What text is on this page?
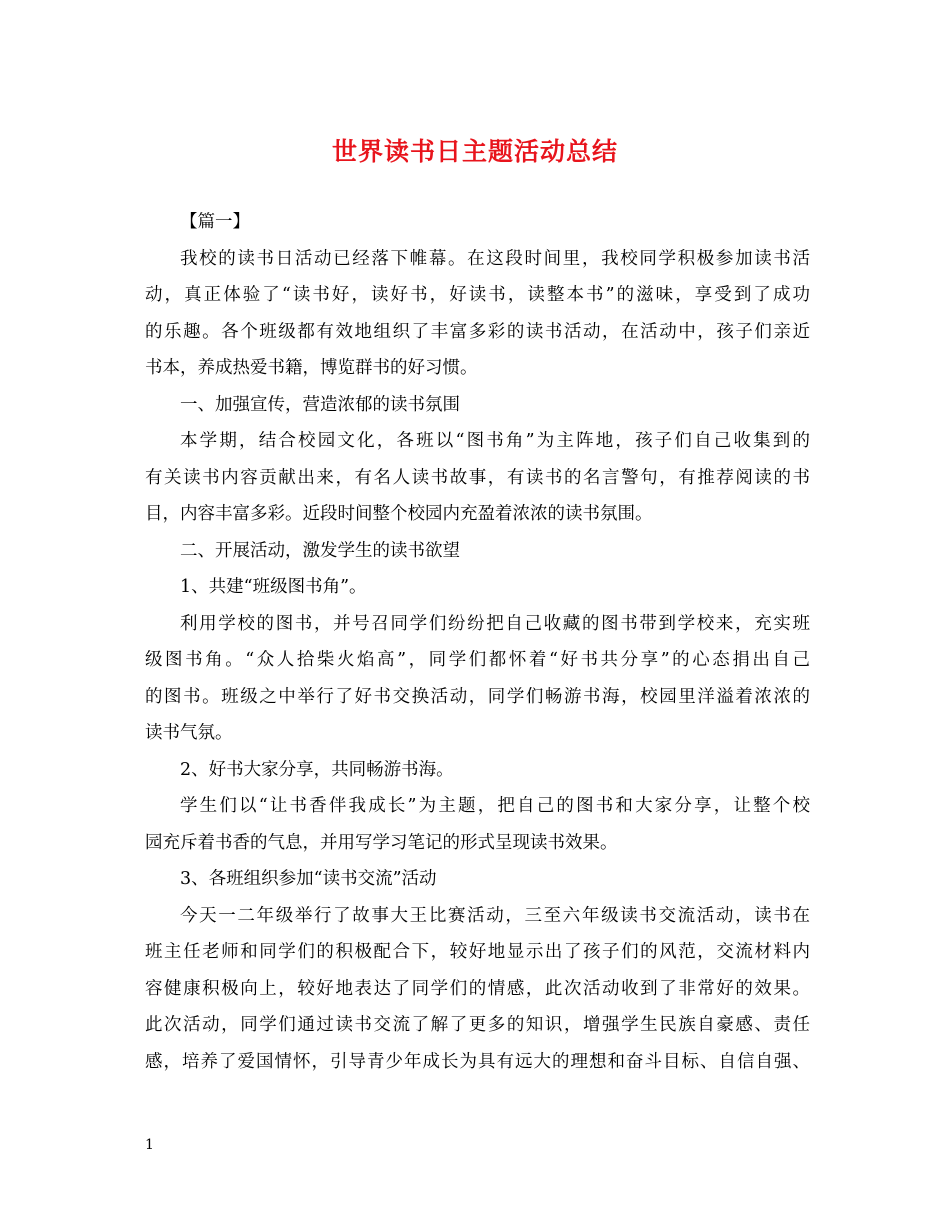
世界读书日主题活动总结
【篇一】
我校的读书日活动已经落下帷幕。在这段时间里，我校同学积极参加读书活
动，真正体验了“读书好，读好书，好读书，读整本书”的滋味，享受到了成功
的乐趣。各个班级都有效地组织了丰富多彩的读书活动，在活动中，孩子们亲近
书本，养成热爱书籍，博览群书的好习惯。
一、加强宣传，营造浓郁的读书氛围
本学期，结合校园文化，各班以“图书角”为主阵地，孩子们自己收集到的
有关读书内容贡献出来，有名人读书故事，有读书的名言警句，有推荐阅读的书
目，内容丰富多彩。近段时间整个校园内充盈着浓浓的读书氛围。
二、开展活动，激发学生的读书欲望
1、共建“班级图书角”。
利用学校的图书，并号召同学们纷纷把自己收藏的图书带到学校来，充实班
级图书角。“众人拾柴火焰高”，同学们都怀着“好书共分享”的心态捐出自己
的图书。班级之中举行了好书交换活动，同学们畅游书海，校园里洋溢着浓浓的
读书气氛。
2、好书大家分享，共同畅游书海。
学生们以“让书香伴我成长”为主题，把自己的图书和大家分享，让整个校
园充斥着书香的气息，并用写学习笔记的形式呈现读书效果。
3、各班组织参加“读书交流”活动
今天一二年级举行了故事大王比赛活动，三至六年级读书交流活动，读书在
班主任老师和同学们的积极配合下，较好地显示出了孩子们的风范，交流材料内
容健康积极向上，较好地表达了同学们的情感，此次活动收到了非常好的效果。
此次活动，同学们通过读书交流了解了更多的知识，增强学生民族自豪感、责任
感，培养了爱国情怀，引导青少年成长为具有远大的理想和奋斗目标、自信自强、
1
